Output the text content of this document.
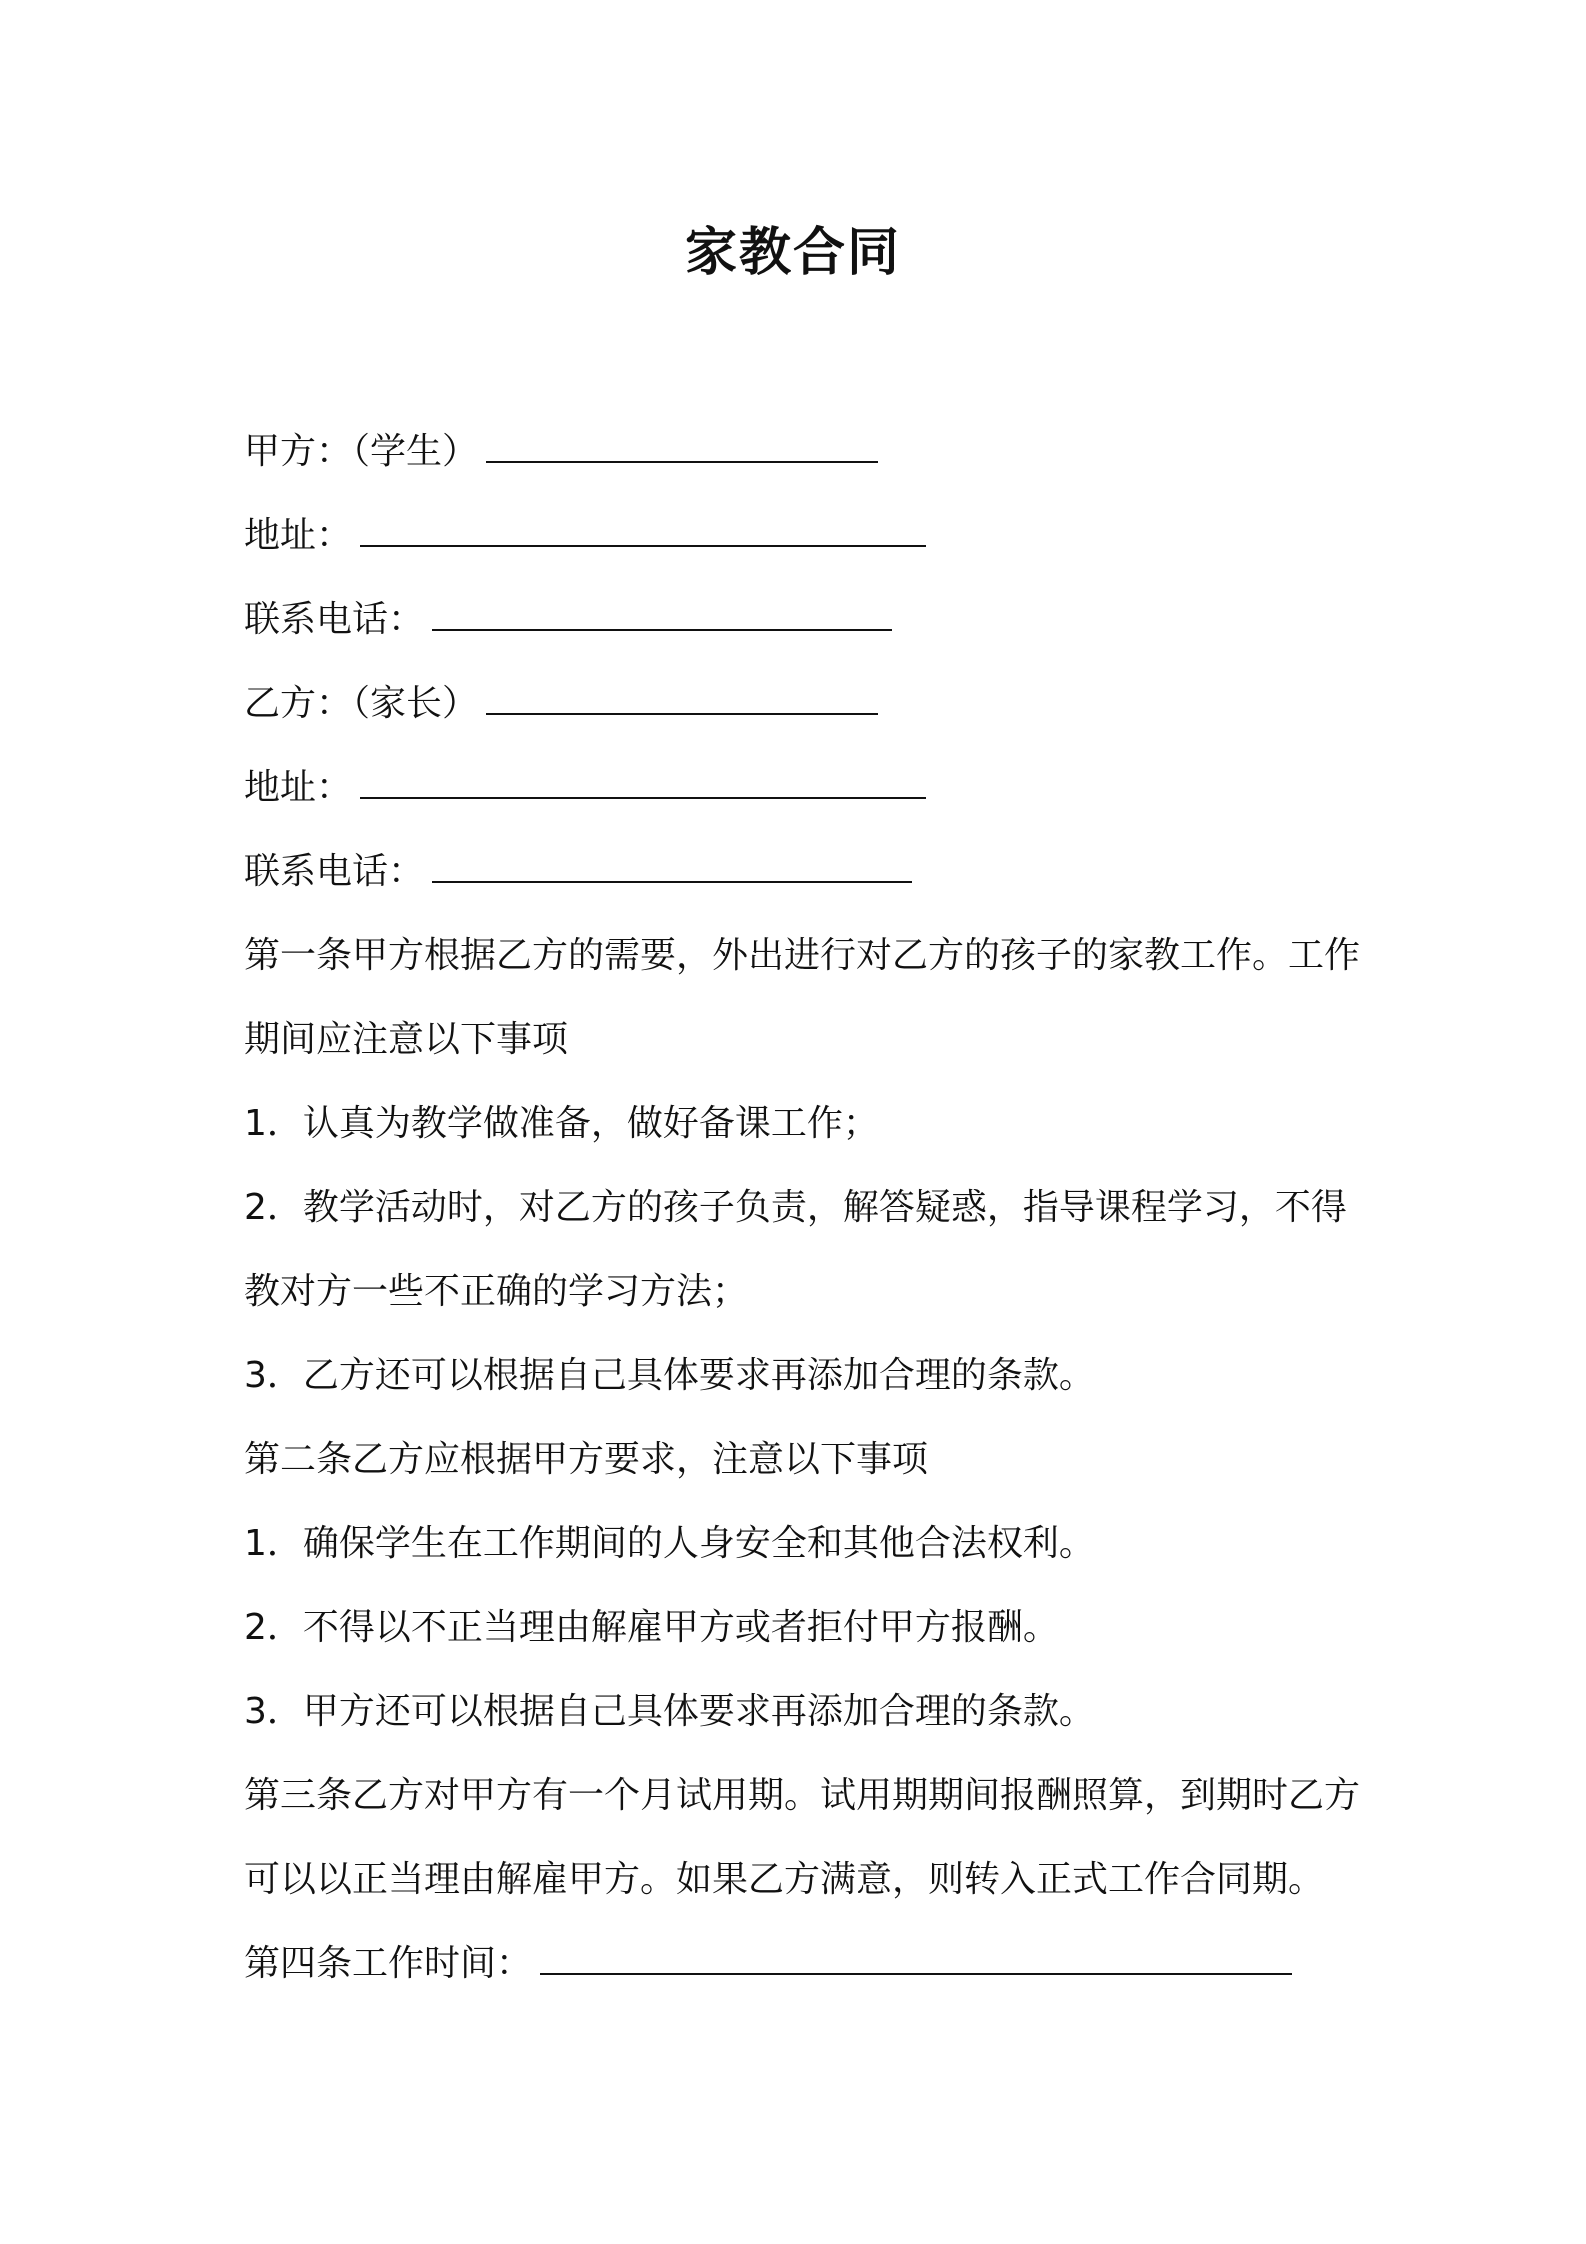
家教合同
甲方：（学生）
地址：
联系电话：
乙方：（家长）
地址：
联系电话：
第一条甲方根据乙方的需要，外出进行对乙方的孩子的家教工作。工作期间应注意以下事项
1．认真为教学做准备，做好备课工作；
2．教学活动时，对乙方的孩子负责，解答疑惑，指导课程学习，不得教对方一些不正确的学习方法；
3．乙方还可以根据自己具体要求再添加合理的条款。
第二条乙方应根据甲方要求，注意以下事项
1．确保学生在工作期间的人身安全和其他合法权利。
2．不得以不正当理由解雇甲方或者拒付甲方报酬。
3．甲方还可以根据自己具体要求再添加合理的条款。
第三条乙方对甲方有一个月试用期。试用期期间报酬照算，到期时乙方可以以正当理由解雇甲方。如果乙方满意，则转入正式工作合同期。
第四条工作时间：
